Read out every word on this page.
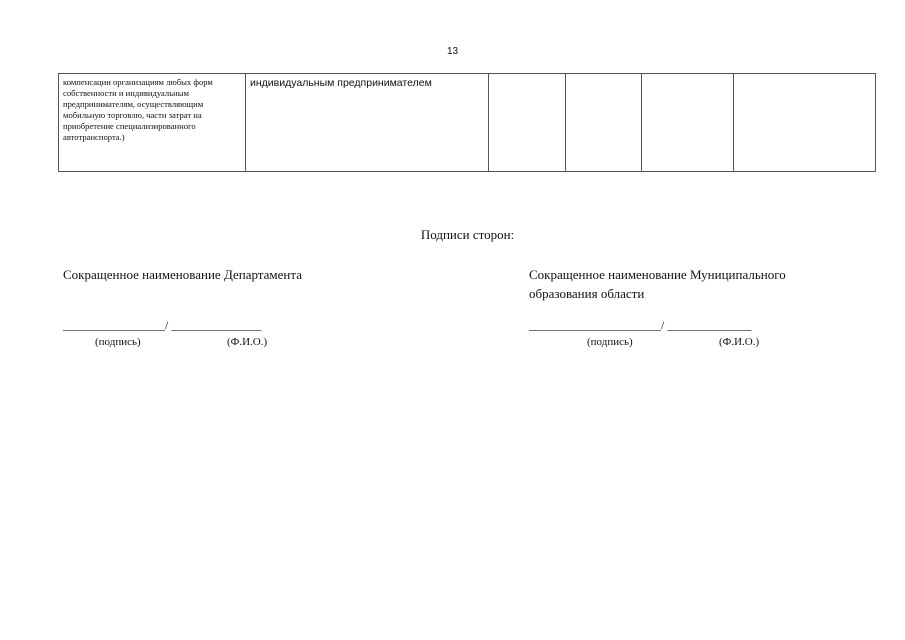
13
компенсации организациям любых форм собственности и индивидуальным предпринимателям, осуществляющим мобильную торговлю, части затрат на приобретение специализированного автотранспорта.)	индивидуальным предпринимателем				
Подписи сторон:
Сокращенное наименование Департамента	Сокращенное наименование Муниципального образования области
_________________/ _______________
(подпись)	(Ф.И.О.)
______________________/ ______________
(подпись)	(Ф.И.О.)
